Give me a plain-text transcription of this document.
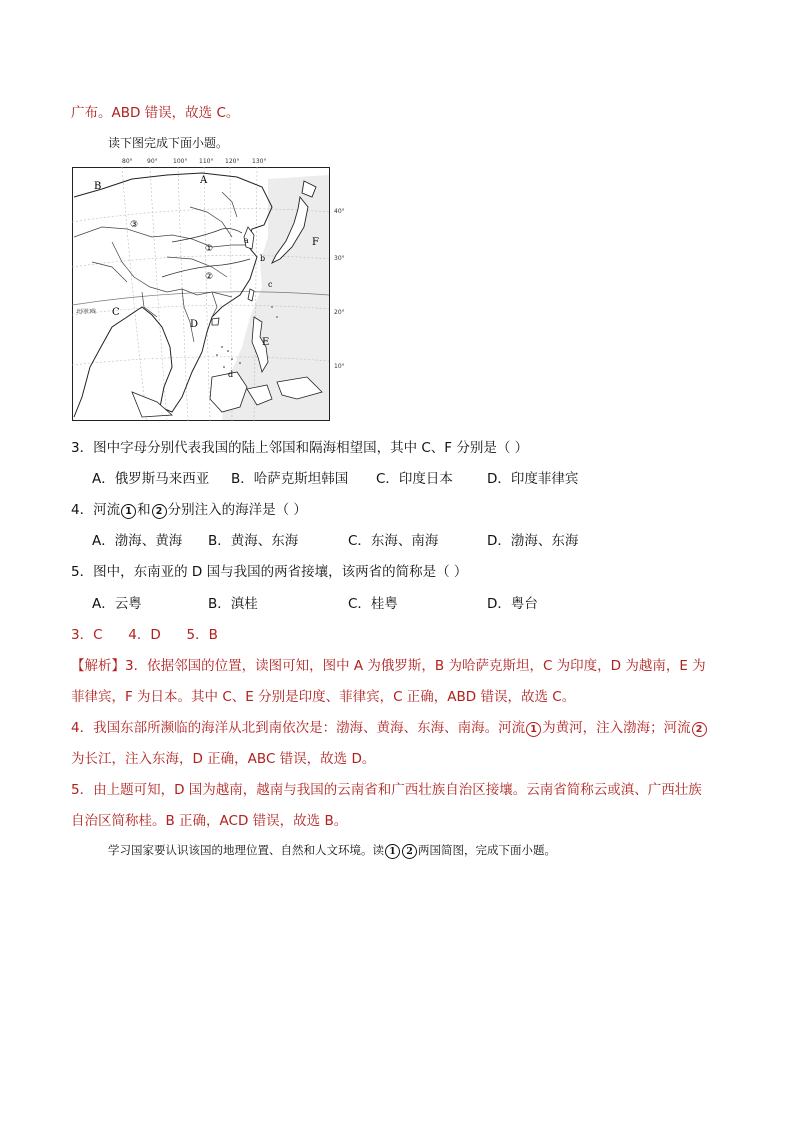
广布。ABD 错误，故选 C。
读下图完成下面小题。
80° 90°	100° 110° 120° 130°
A
B
C
D
E
F
a
b
c
d
①
②
③
北回归线
40°
30°
20°
10°
3．图中字母分别代表我国的陆上邻国和隔海相望国，其中 C、F 分别是（ ）
A．俄罗斯马来西亚 B．哈萨克斯坦韩国 C．印度日本	D．印度菲律宾
4．河流 1 和 2 分别注入的海洋是（ ）
A．渤海、黄海 B．黄海、东海	C．东海、南海	D．渤海、东海
5．图中，东南亚的 D 国与我国的两省接壤，该两省的简称是（ ）
A．云粤	B．滇桂	C．桂粤	D．粤台
3．C      4．D      5．B
【解析】3．依据邻国的位置，读图可知，图中 A 为俄罗斯，B 为哈萨克斯坦，C 为印度，D 为越南，E 为
菲律宾，F 为日本。其中 C、E 分别是印度、菲律宾，C 正确，ABD 错误，故选 C。
4．我国东部所濒临的海洋从北到南依次是：渤海、黄海、东海、南海。河流 1 为黄河，注入渤海；河流 2
为长江，注入东海，D 正确，ABC 错误，故选 D。
5．由上题可知，D 国为越南，越南与我国的云南省和广西壮族自治区接壤。云南省简称云或滇、广西壮族
自治区简称桂。B 正确，ACD 错误，故选 B。
学习国家要认识该国的地理位置、自然和人文环境。读 1 2 两国简图，完成下面小题。
